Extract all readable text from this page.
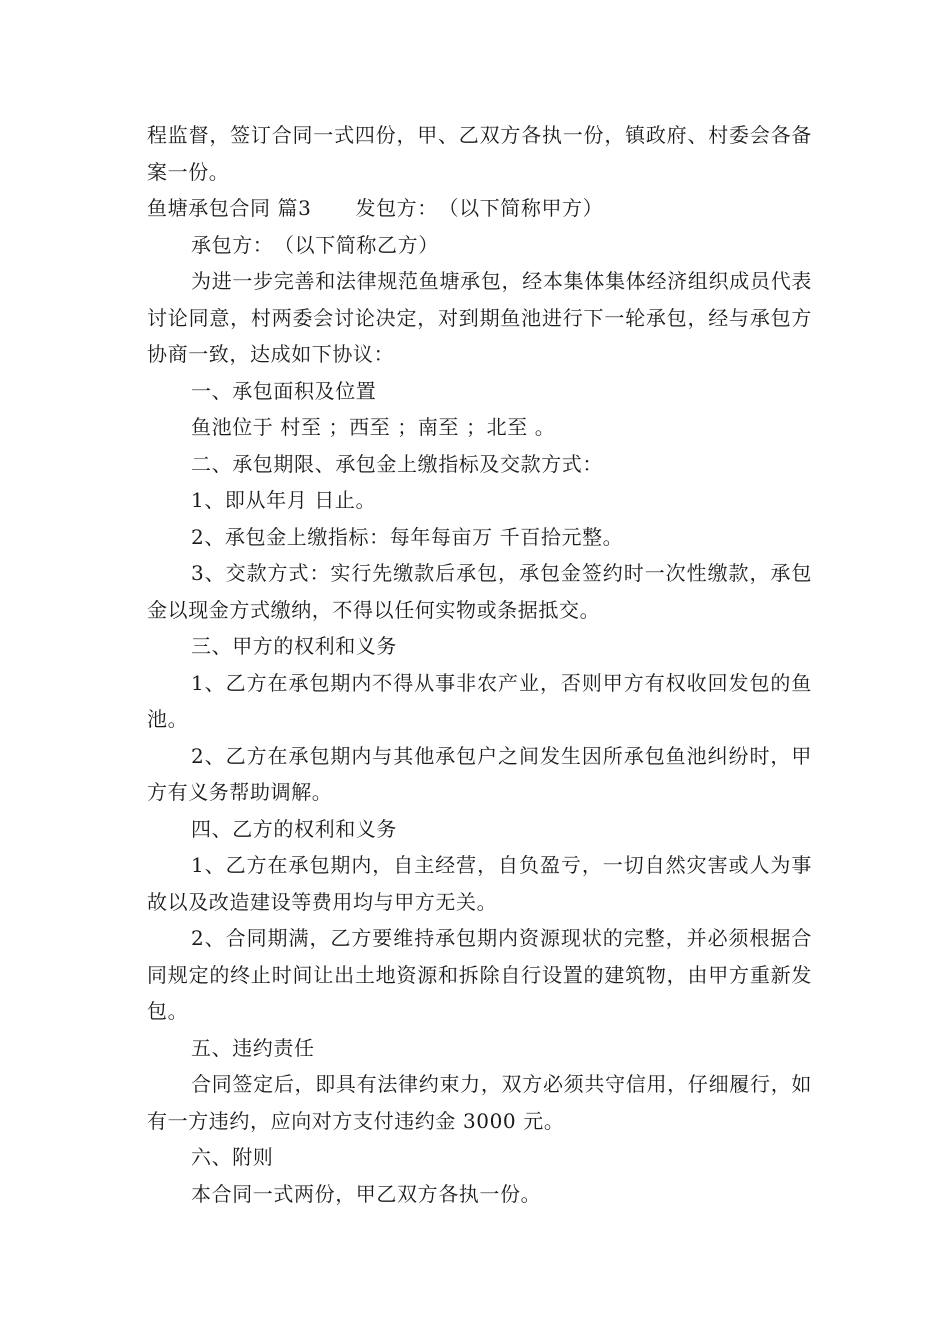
程监督，签订合同一式四份，甲、乙双方各执一份，镇政府、村委会各备案一份。

鱼塘承包合同 篇3 发包方：　（以下简称甲方）

承包方：　（以下简称乙方）

为进一步完善和法律规范鱼塘承包，经本集体集体经济组织成员代表讨论同意，村两委会讨论决定，对到期鱼池进行下一轮承包，经与承包方协商一致，达成如下协议：

一、承包面积及位置

鱼池位于 村至 ；西至 ；南至 ；北至 。

二、承包期限、承包金上缴指标及交款方式：

1、即从年月 日止。

2、承包金上缴指标：每年每亩万 千百拾元整。

3、交款方式：实行先缴款后承包，承包金签约时一次性缴款，承包金以现金方式缴纳，不得以任何实物或条据抵交。

三、甲方的权利和义务

1、乙方在承包期内不得从事非农产业，否则甲方有权收回发包的鱼池。

2、乙方在承包期内与其他承包户之间发生因所承包鱼池纠纷时，甲方有义务帮助调解。

四、乙方的权利和义务

1、乙方在承包期内，自主经营，自负盈亏，一切自然灾害或人为事故以及改造建设等费用均与甲方无关。

2、合同期满，乙方要维持承包期内资源现状的完整，并必须根据合同规定的终止时间让出土地资源和拆除自行设置的建筑物，由甲方重新发包。

五、违约责任

合同签定后，即具有法律约束力，双方必须共守信用，仔细履行，如有一方违约，应向对方支付违约金 3000 元。

六、附则

本合同一式两份，甲乙双方各执一份。
